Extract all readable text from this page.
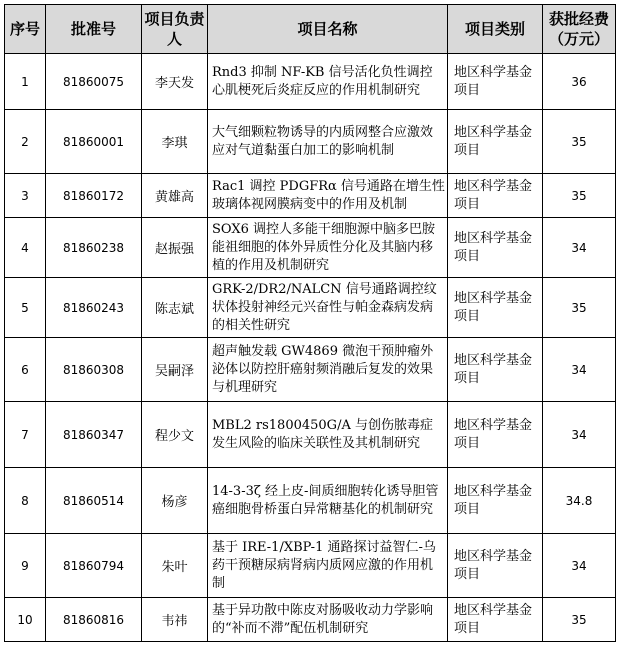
序号	批准号	项目负责人	项目名称	项目类别	获批经费（万元）
1	81860075	李天发	Rnd3 抑制 NF-KB 信号活化负性调控心肌梗死后炎症反应的作用机制研究	地区科学基金项目	36
2	81860001	李琪	大气细颗粒物诱导的内质网整合应激效应对气道黏蛋白加工的影响机制	地区科学基金项目	35
3	81860172	黄雄高	Rac1 调控 PDGFRα 信号通路在增生性玻璃体视网膜病变中的作用及机制	地区科学基金项目	35
4	81860238	赵振强	SOX6 调控人多能干细胞源中脑多巴胺能祖细胞的体外异质性分化及其脑内移植的作用及机制研究	地区科学基金项目	34
5	81860243	陈志斌	GRK-2/DR2/NALCN 信号通路调控纹状体投射神经元兴奋性与帕金森病发病的相关性研究	地区科学基金项目	35
6	81860308	吴嗣泽	超声触发载 GW4869 微泡干预肿瘤外泌体以防控肝癌射频消融后复发的效果与机理研究	地区科学基金项目	34
7	81860347	程少文	MBL2 rs1800450G/A 与创伤脓毒症发生风险的临床关联性及其机制研究	地区科学基金项目	34
8	81860514	杨彦	14-3-3ζ 经上皮-间质细胞转化诱导胆管癌细胞骨桥蛋白异常糖基化的机制研究	地区科学基金项目	34.8
9	81860794	朱叶	基于 IRE-1/XBP-1 通路探讨益智仁-乌药干预糖尿病肾病内质网应激的作用机制	地区科学基金项目	34
10	81860816	韦祎	基于异功散中陈皮对肠吸收动力学影响的“补而不滞”配伍机制研究	地区科学基金项目	35
